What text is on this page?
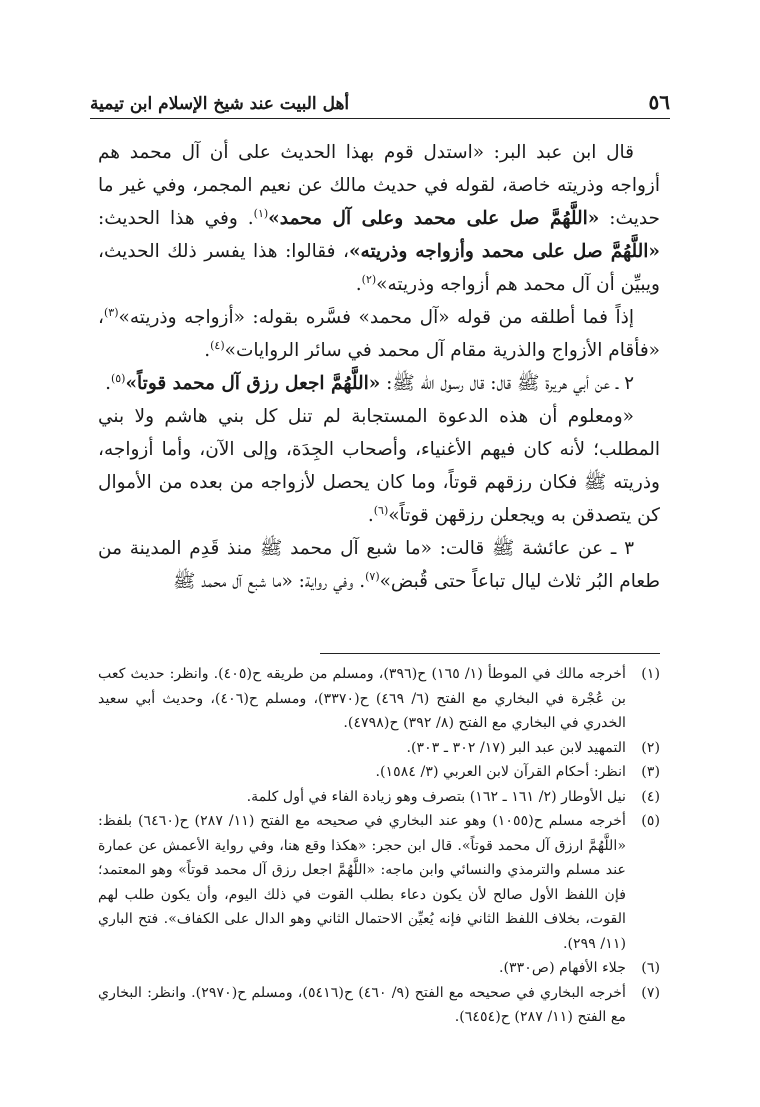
٥٦
أهل البيت عند شيخ الإسلام ابن تيمية

قال ابن عبد البر: «استدل قوم بهذا الحديث على أن آل محمد هم أزواجه وذريته خاصة، لقوله في حديث مالك عن نعيم المجمر، وفي غير ما حديث: «اللَّهُمَّ صل على محمد وعلى آل محمد»$^{(١)}$. وفي هذا الحديث: «اللَّهُمَّ صل على محمد وأزواجه وذريته»، فقالوا: هذا يفسر ذلك الحديث، ويبيِّن أن آل محمد هم أزواجه وذريته»$^{(٢)}$.

إذاً فما أطلقه من قوله «آل محمد» فسَّره بقوله: «أزواجه وذريته»$^{(٣)}$، «فأقام الأزواج والذرية مقام آل محمد في سائر الروايات»$^{(٤)}$.

٢ ـ عن أبي هريرة ﷺ قال: قال رسول الله ﷺ: «اللَّهُمَّ اجعل رزق آل محمد قوتاً»$^{(٥)}$.

«ومعلوم أن هذه الدعوة المستجابة لم تنل كل بني هاشم ولا بني المطلب؛ لأنه كان فيهم الأغنياء، وأصحاب الجِدَة، وإلى الآن، وأما أزواجه، وذريته ﷺ فكان رزقهم قوتاً، وما كان يحصل لأزواجه من بعده من الأموال كن يتصدقن به ويجعلن رزقهن قوتاً»$^{(٦)}$.

٣ ـ عن عائشة ﷺ قالت: «ما شبع آل محمد ﷺ منذ قَدِم المدينة من طعام البُر ثلاث ليال تباعاً حتى قُبض»$^{(٧)}$. وفي رواية: «ما شبع آل محمد ﷺ

(١)
أخرجه مالك في الموطأ (١/ ١٦٥) ح(٣٩٦)، ومسلم من طريقه ح(٤٠٥). وانظر: حديث كعب بن عُجْرة في البخاري مع الفتح (٦/ ٤٦٩) ح(٣٣٧٠)، ومسلم ح(٤٠٦)، وحديث أبي سعيد الخدري في البخاري مع الفتح (٨/ ٣٩٢) ح(٤٧٩٨).
(٢)
التمهيد لابن عبد البر (١٧/ ٣٠٢ ـ ٣٠٣).
(٣)
انظر: أحكام القرآن لابن العربي (٣/ ١٥٨٤).
(٤)
نيل الأوطار (٢/ ١٦١ ـ ١٦٢) بتصرف وهو زيادة الفاء في أول كلمة.
(٥)
أخرجه مسلم ح(١٠٥٥) وهو عند البخاري في صحيحه مع الفتح (١١/ ٢٨٧) ح(٦٤٦٠) بلفظ: «اللَّهُمَّ ارزق آل محمد قوتاً». قال ابن حجر: «هكذا وقع هنا، وفي رواية الأعمش عن عمارة عند مسلم والترمذي والنسائي وابن ماجه: «اللَّهُمَّ اجعل رزق آل محمد قوتاً» وهو المعتمد؛ فإن اللفظ الأول صالح لأن يكون دعاء بطلب القوت في ذلك اليوم، وأن يكون طلب لهم القوت، بخلاف اللفظ الثاني فإنه يُعيِّن الاحتمال الثاني وهو الدال على الكفاف». فتح الباري (١١/ ٢٩٩).
(٦)
جلاء الأفهام (ص٣٣٠).
(٧)
أخرجه البخاري في صحيحه مع الفتح (٩/ ٤٦٠) ح(٥٤١٦)، ومسلم ح(٢٩٧٠). وانظر: البخاري مع الفتح (١١/ ٢٨٧) ح(٦٤٥٤).
